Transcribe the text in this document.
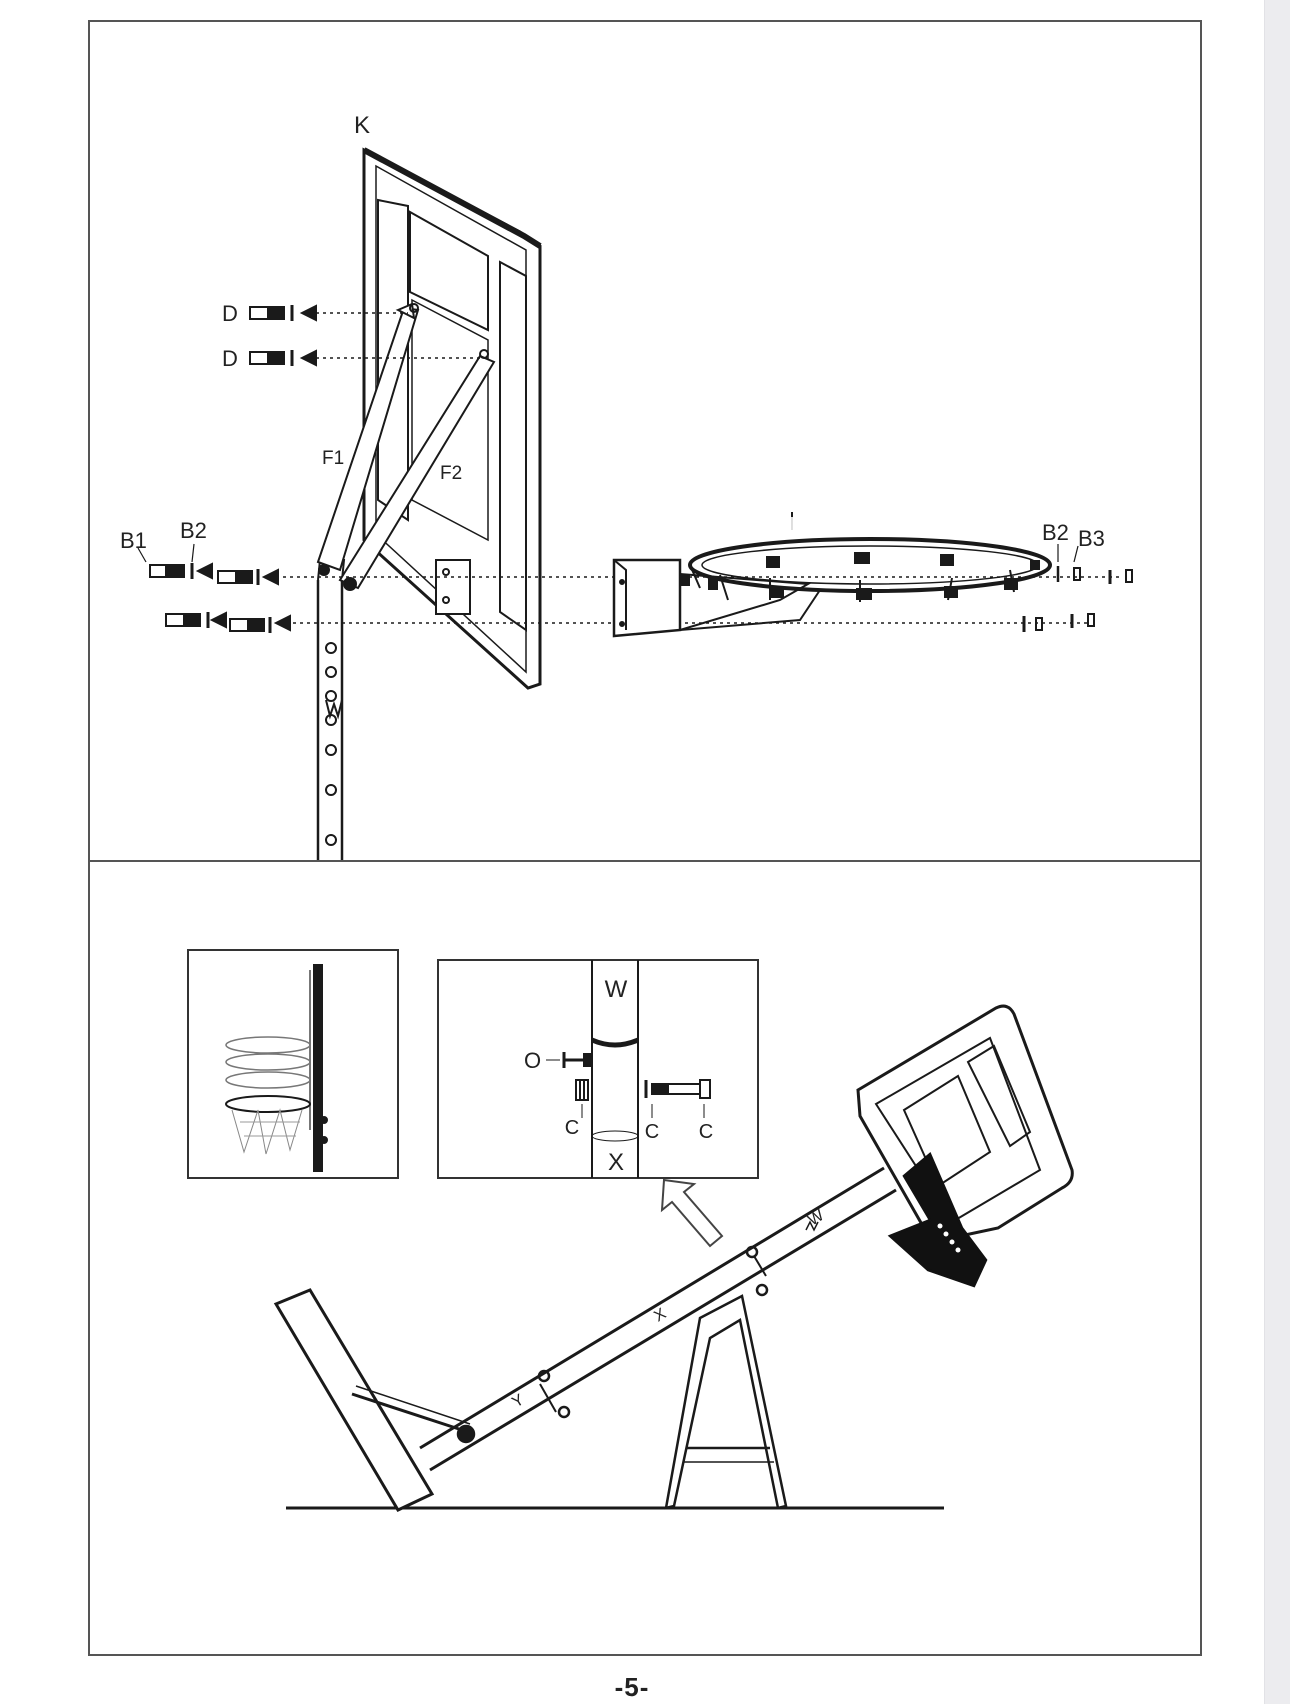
K
D
D
F1
F2
B1 B2	I	B2 B3
W
X
O
C	C C
W
X
Y
-5-
